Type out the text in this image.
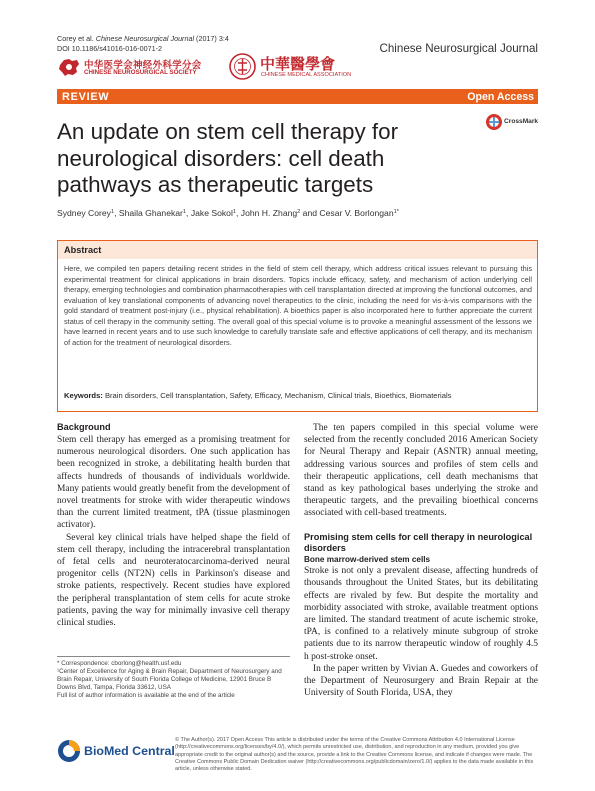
Corey et al. Chinese Neurosurgical Journal (2017) 3:4
DOI 10.1186/s41016-016-0071-2	Chinese Neurosurgical Journal
中华医学会神经外科学分会
CHINESE NEUROSURGICAL SOCIETY	中華醫學會
CHINESE MEDICAL ASSOCIATION
REVIEW	Open Access
An update on stem cell therapy for neurological disorders: cell death pathways as therapeutic targets
CrossMark
Sydney Corey$^1$, Shaila Ghanekar$^1$, Jake Sokol$^1$, John H. Zhang$^2$ and Cesar V. Borlongan$^{1*}$
Abstract
Here, we compiled ten papers detailing recent strides in the field of stem cell therapy, which address critical issues relevant to pursuing this experimental treatment for clinical applications in brain disorders. Topics include efficacy, safety, and mechanism of action underlying cell therapy, emerging technologies and combination pharmacotherapies with cell transplantation directed at improving the functional outcomes, and evaluation of key translational components of advancing novel therapeutics to the clinic, including the need for vis-à-vis comparisons with the gold standard of treatment post-injury (i.e., physical rehabilitation). A bioethics paper is also incorporated here to further appreciate the current status of cell therapy in the community setting. The overall goal of this special volume is to provoke a meaningful assessment of the lessons we have learned in recent years and to use such knowledge to carefully translate safe and effective applications of cell therapy, and its mechanism of action for the treatment of neurological disorders.
Keywords: Brain disorders, Cell transplantation, Safety, Efficacy, Mechanism, Clinical trials, Bioethics, Biomaterials
Background

Stem cell therapy has emerged as a promising treatment for numerous neurological disorders. One such application has been recognized in stroke, a debilitating health burden that affects hundreds of thousands of individuals worldwide. Many patients would greatly benefit from the development of novel treatments for stroke with wider therapeutic windows than the current limited treatment, tPA (tissue plasminogen activator).

Several key clinical trials have helped shape the field of stem cell therapy, including the intracerebral transplantation of fetal cells and neuroteratocarcinoma-derived neural progenitor cells (NT2N) cells in Parkinson's disease and stroke patients, respectively. Recent studies have explored the peripheral transplantation of stem cells for acute stroke patients, paving the way for minimally invasive cell therapy clinical studies.

The ten papers compiled in this special volume were selected from the recently concluded 2016 American Society for Neural Therapy and Repair (ASNTR) annual meeting, addressing various sources and profiles of stem cells and their therapeutic applications, cell death mechanisms that stand as key pathological bases underlying the stroke and therapeutic targets, and the prevailing bioethical concerns associated with cell-based treatments.

Promising stem cells for cell therapy in neurological disorders
Bone marrow-derived stem cells

Stroke is not only a prevalent disease, affecting hundreds of thousands throughout the United States, but its debilitating effects are rivaled by few. But despite the mortality and morbidity associated with stroke, available treatment options are limited. The standard treatment of acute ischemic stroke, tPA, is confined to a relatively minute subgroup of stroke patients due to its narrow therapeutic window of roughly 4.5 h post-stroke onset.

In the paper written by Vivian A. Guedes and coworkers of the Department of Neurosurgery and Brain Repair at the University of South Florida, USA, they

* Correspondence: cborlong@health.usf.edu
¹Center of Excellence for Aging & Brain Repair, Department of Neurosurgery and Brain Repair, University of South Florida College of Medicine, 12901 Bruce B Downs Blvd, Tampa, Florida 33612, USA
Full list of author information is available at the end of the article
BioMed Central
© The Author(s). 2017 Open Access This article is distributed under the terms of the Creative Commons Attribution 4.0 International License (http://creativecommons.org/licenses/by/4.0/), which permits unrestricted use, distribution, and reproduction in any medium, provided you give appropriate credit to the original author(s) and the source, provide a link to the Creative Commons license, and indicate if changes were made. The Creative Commons Public Domain Dedication waiver (http://creativecommons.org/publicdomain/zero/1.0/) applies to the data made available in this article, unless otherwise stated.
